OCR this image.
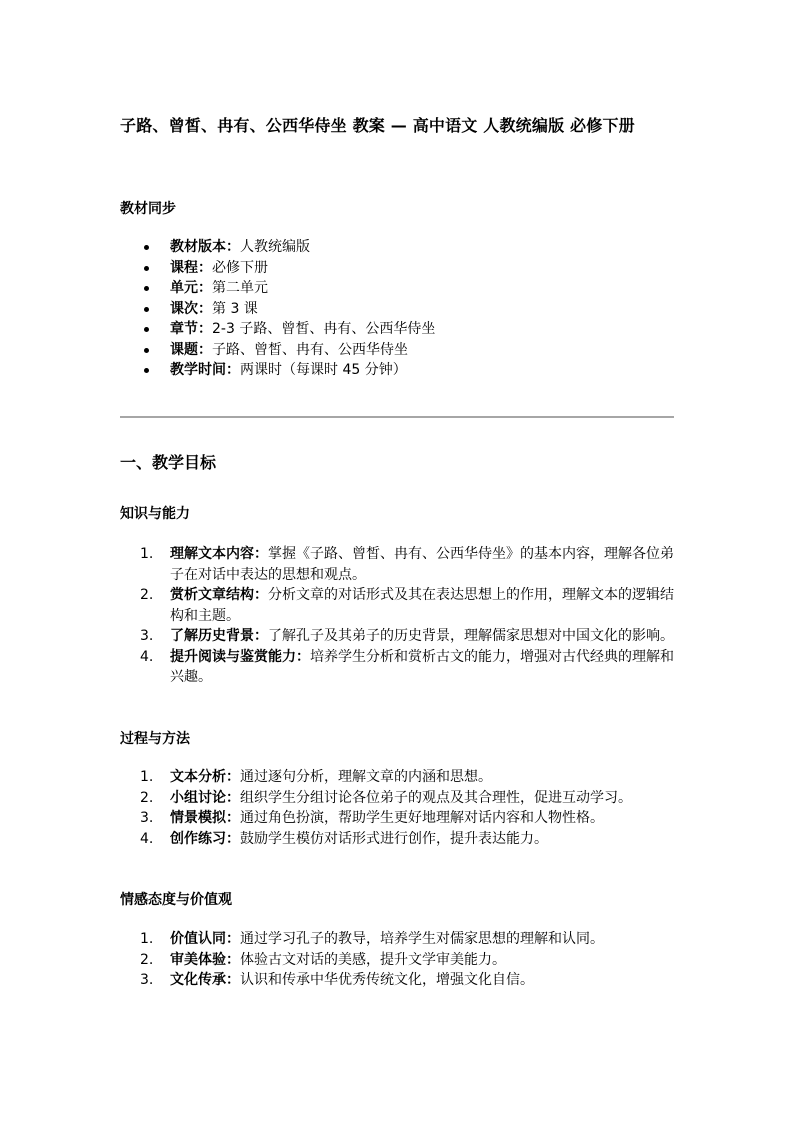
子路、曾皙、冉有、公西华侍坐 教案 — 高中语文 人教统编版 必修下册
教材同步
教材版本：人教统编版
课程：必修下册
单元：第二单元
课次：第 3 课
章节：2-3 子路、曾皙、冉有、公西华侍坐
课题：子路、曾皙、冉有、公西华侍坐
教学时间：两课时（每课时 45 分钟）
一、教学目标
知识与能力
1. 理解文本内容：掌握《子路、曾皙、冉有、公西华侍坐》的基本内容，理解各位弟子在对话中表达的思想和观点。
2. 赏析文章结构：分析文章的对话形式及其在表达思想上的作用，理解文本的逻辑结构和主题。
3. 了解历史背景：了解孔子及其弟子的历史背景，理解儒家思想对中国文化的影响。
4. 提升阅读与鉴赏能力：培养学生分析和赏析古文的能力，增强对古代经典的理解和兴趣。
过程与方法
1. 文本分析：通过逐句分析，理解文章的内涵和思想。
2. 小组讨论：组织学生分组讨论各位弟子的观点及其合理性，促进互动学习。
3. 情景模拟：通过角色扮演，帮助学生更好地理解对话内容和人物性格。
4. 创作练习：鼓励学生模仿对话形式进行创作，提升表达能力。
情感态度与价值观
1. 价值认同：通过学习孔子的教导，培养学生对儒家思想的理解和认同。
2. 审美体验：体验古文对话的美感，提升文学审美能力。
3. 文化传承：认识和传承中华优秀传统文化，增强文化自信。
